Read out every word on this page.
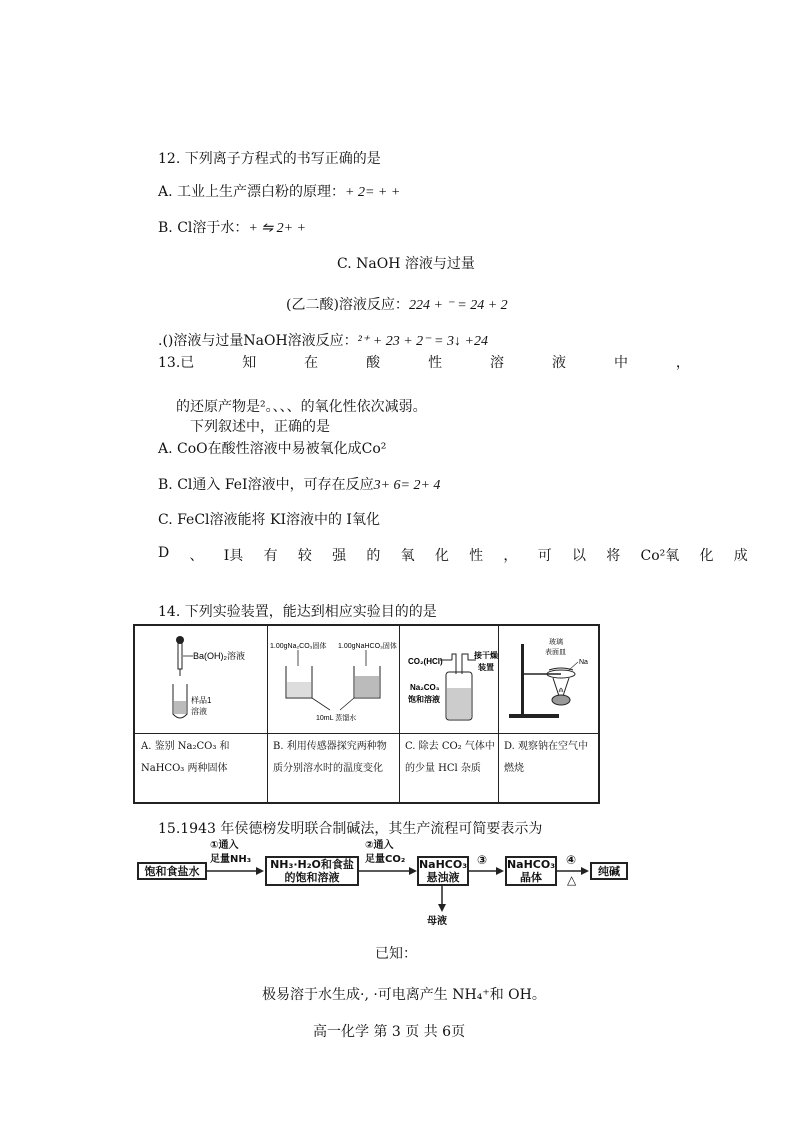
12. 下列离子方程式的书写正确的是
A. 工业上生产漂白粉的原理：+ 2= + +
B. Cl溶于水：+ ⇋ 2+ +
C. NaOH 溶液与过量
(乙二酸)溶液反应：224 + ⁻ = 24 + 2
.()溶液与过量NaOH溶液反应：²⁺ + 23 + 2⁻ = 3↓ +24
13.已	知	在	酸	性	溶	液	中	，
的还原产物是²。、、、的氧化性依次减弱。
下列叙述中，正确的是
A. CoO在酸性溶液中易被氧化成Co²
B. Cl通入 FeI溶液中，可存在反应3+ 6= 2+ 4
C. FeCl溶液能将 KI溶液中的 I氧化
D 、 I具 有 较 强 的 氧 化 性 ， 可 以 将 Co²氧 化 成
14. 下列实验装置，能达到相应实验目的的是
Ba(OH)₂溶液
样品1
溶液
1.00gNa₂CO₃固体 1.00gNaHCO₃固体
10mL 蒸馏水
CO₂(HCl)
接干燥
装置
Na₂CO₃
饱和溶液
玻璃
表面皿
Na
A. 鉴别 Na₂CO₃ 和
NaHCO₃ 两种固体
B. 利用传感器探究两种物
质分别溶水时的温度变化
C. 除去 CO₂ 气体中
的少量 HCl 杂质
D. 观察钠在空气中
燃烧
15.1943 年侯德榜发明联合制碱法，其生产流程可简要表示为
饱和食盐水
①通入
足量NH₃ NH₃·H₂O和食盐
的饱和溶液
②通入
足量CO₂ NaHCO₃
悬浊液
③ NaHCO₃
晶体
④
△
纯碱
母液
已知：
极易溶于水生成·, ·可电离产生 NH₄⁺和 OH。
高一化学 第 3 页 共 6页
